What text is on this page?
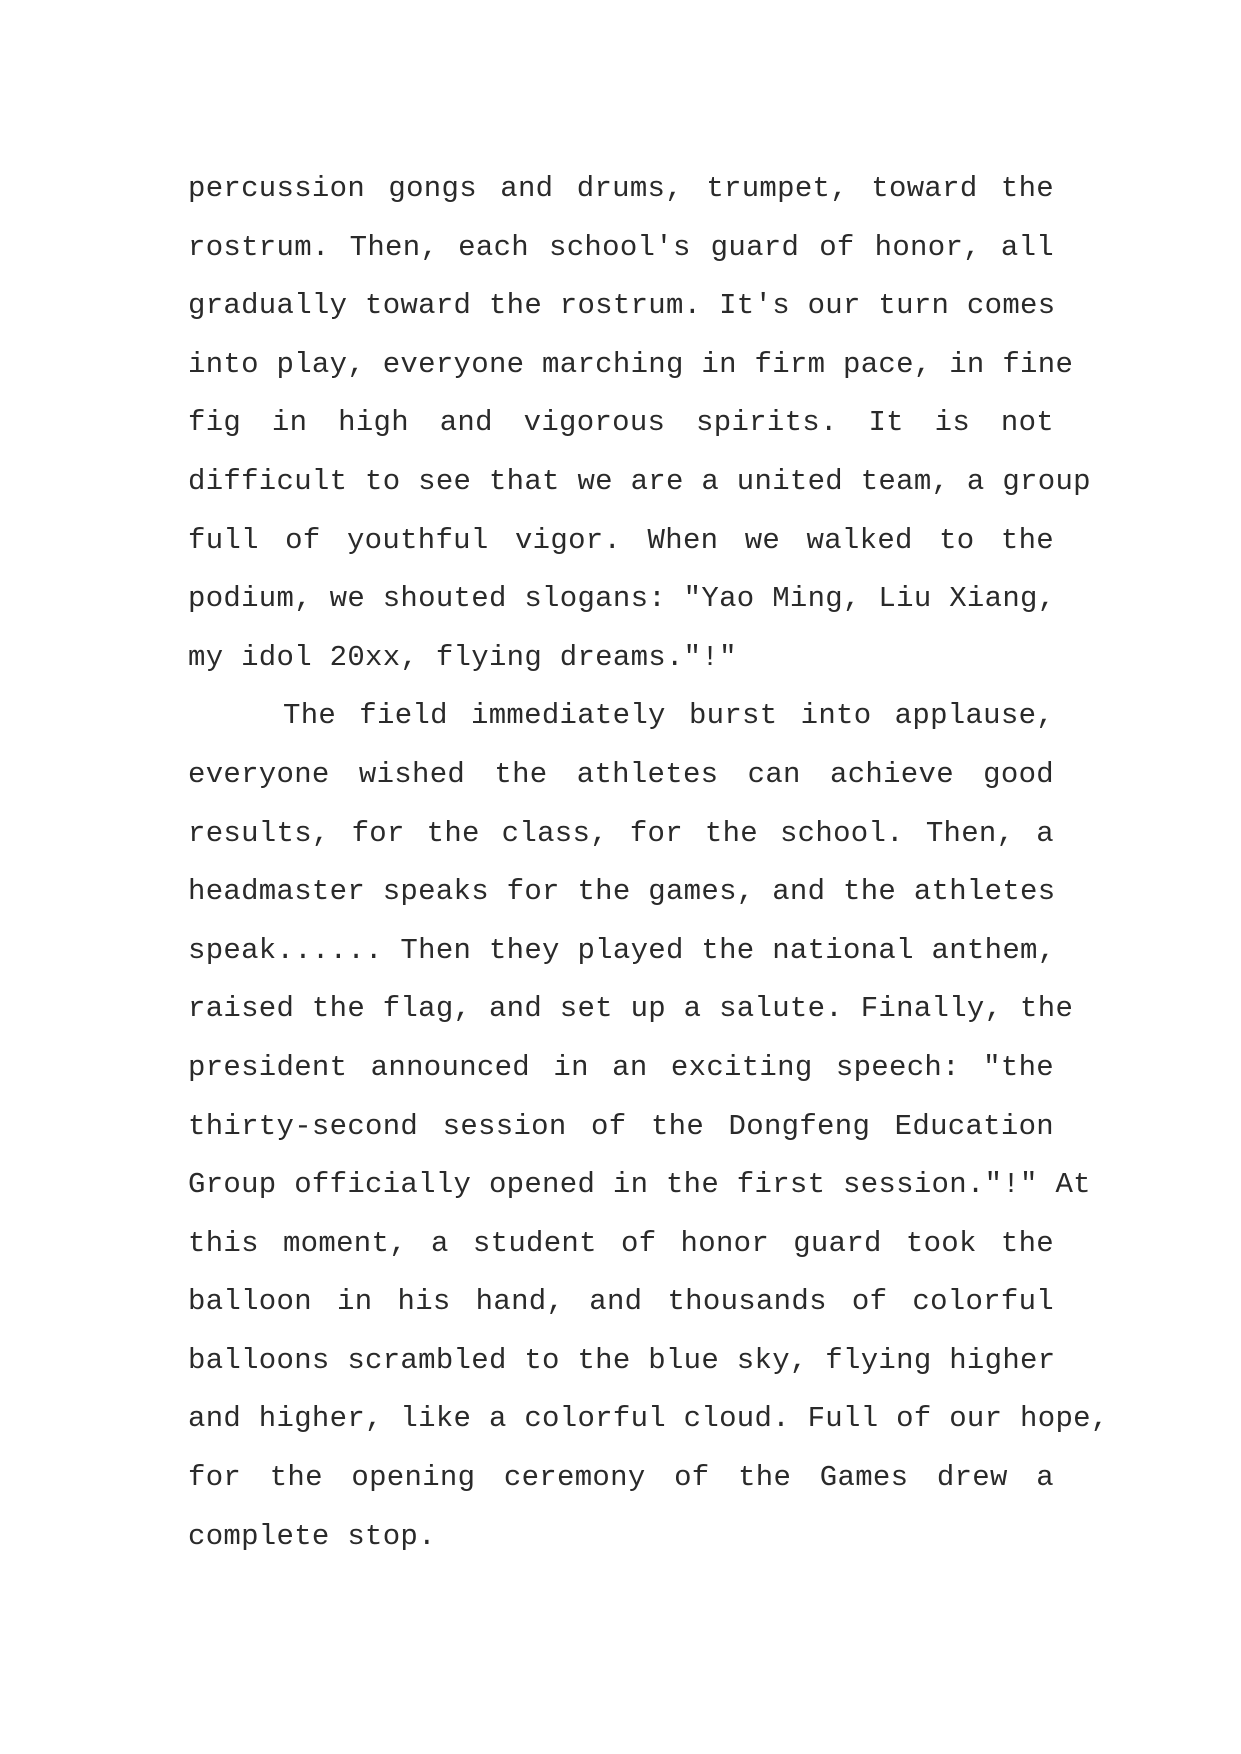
percussion gongs and drums, trumpet, toward the
rostrum. Then, each school's guard of honor, all
gradually toward the rostrum. It's our turn comes
into play, everyone marching in firm pace, in fine
fig in high and vigorous spirits. It is not
difficult to see that we are a united team, a group
full of youthful vigor. When we walked to the
podium, we shouted slogans: "Yao Ming, Liu Xiang,
my idol 20xx, flying dreams."!"
The field immediately burst into applause,
everyone wished the athletes can achieve good
results, for the class, for the school. Then, a
headmaster speaks for the games, and the athletes
speak...... Then they played the national anthem,
raised the flag, and set up a salute. Finally, the
president announced in an exciting speech: "the
thirty-second session of the Dongfeng Education
Group officially opened in the first session."!" At
this moment, a student of honor guard took the
balloon in his hand, and thousands of colorful
balloons scrambled to the blue sky, flying higher
and higher, like a colorful cloud. Full of our hope,
for the opening ceremony of the Games drew a
complete stop.
